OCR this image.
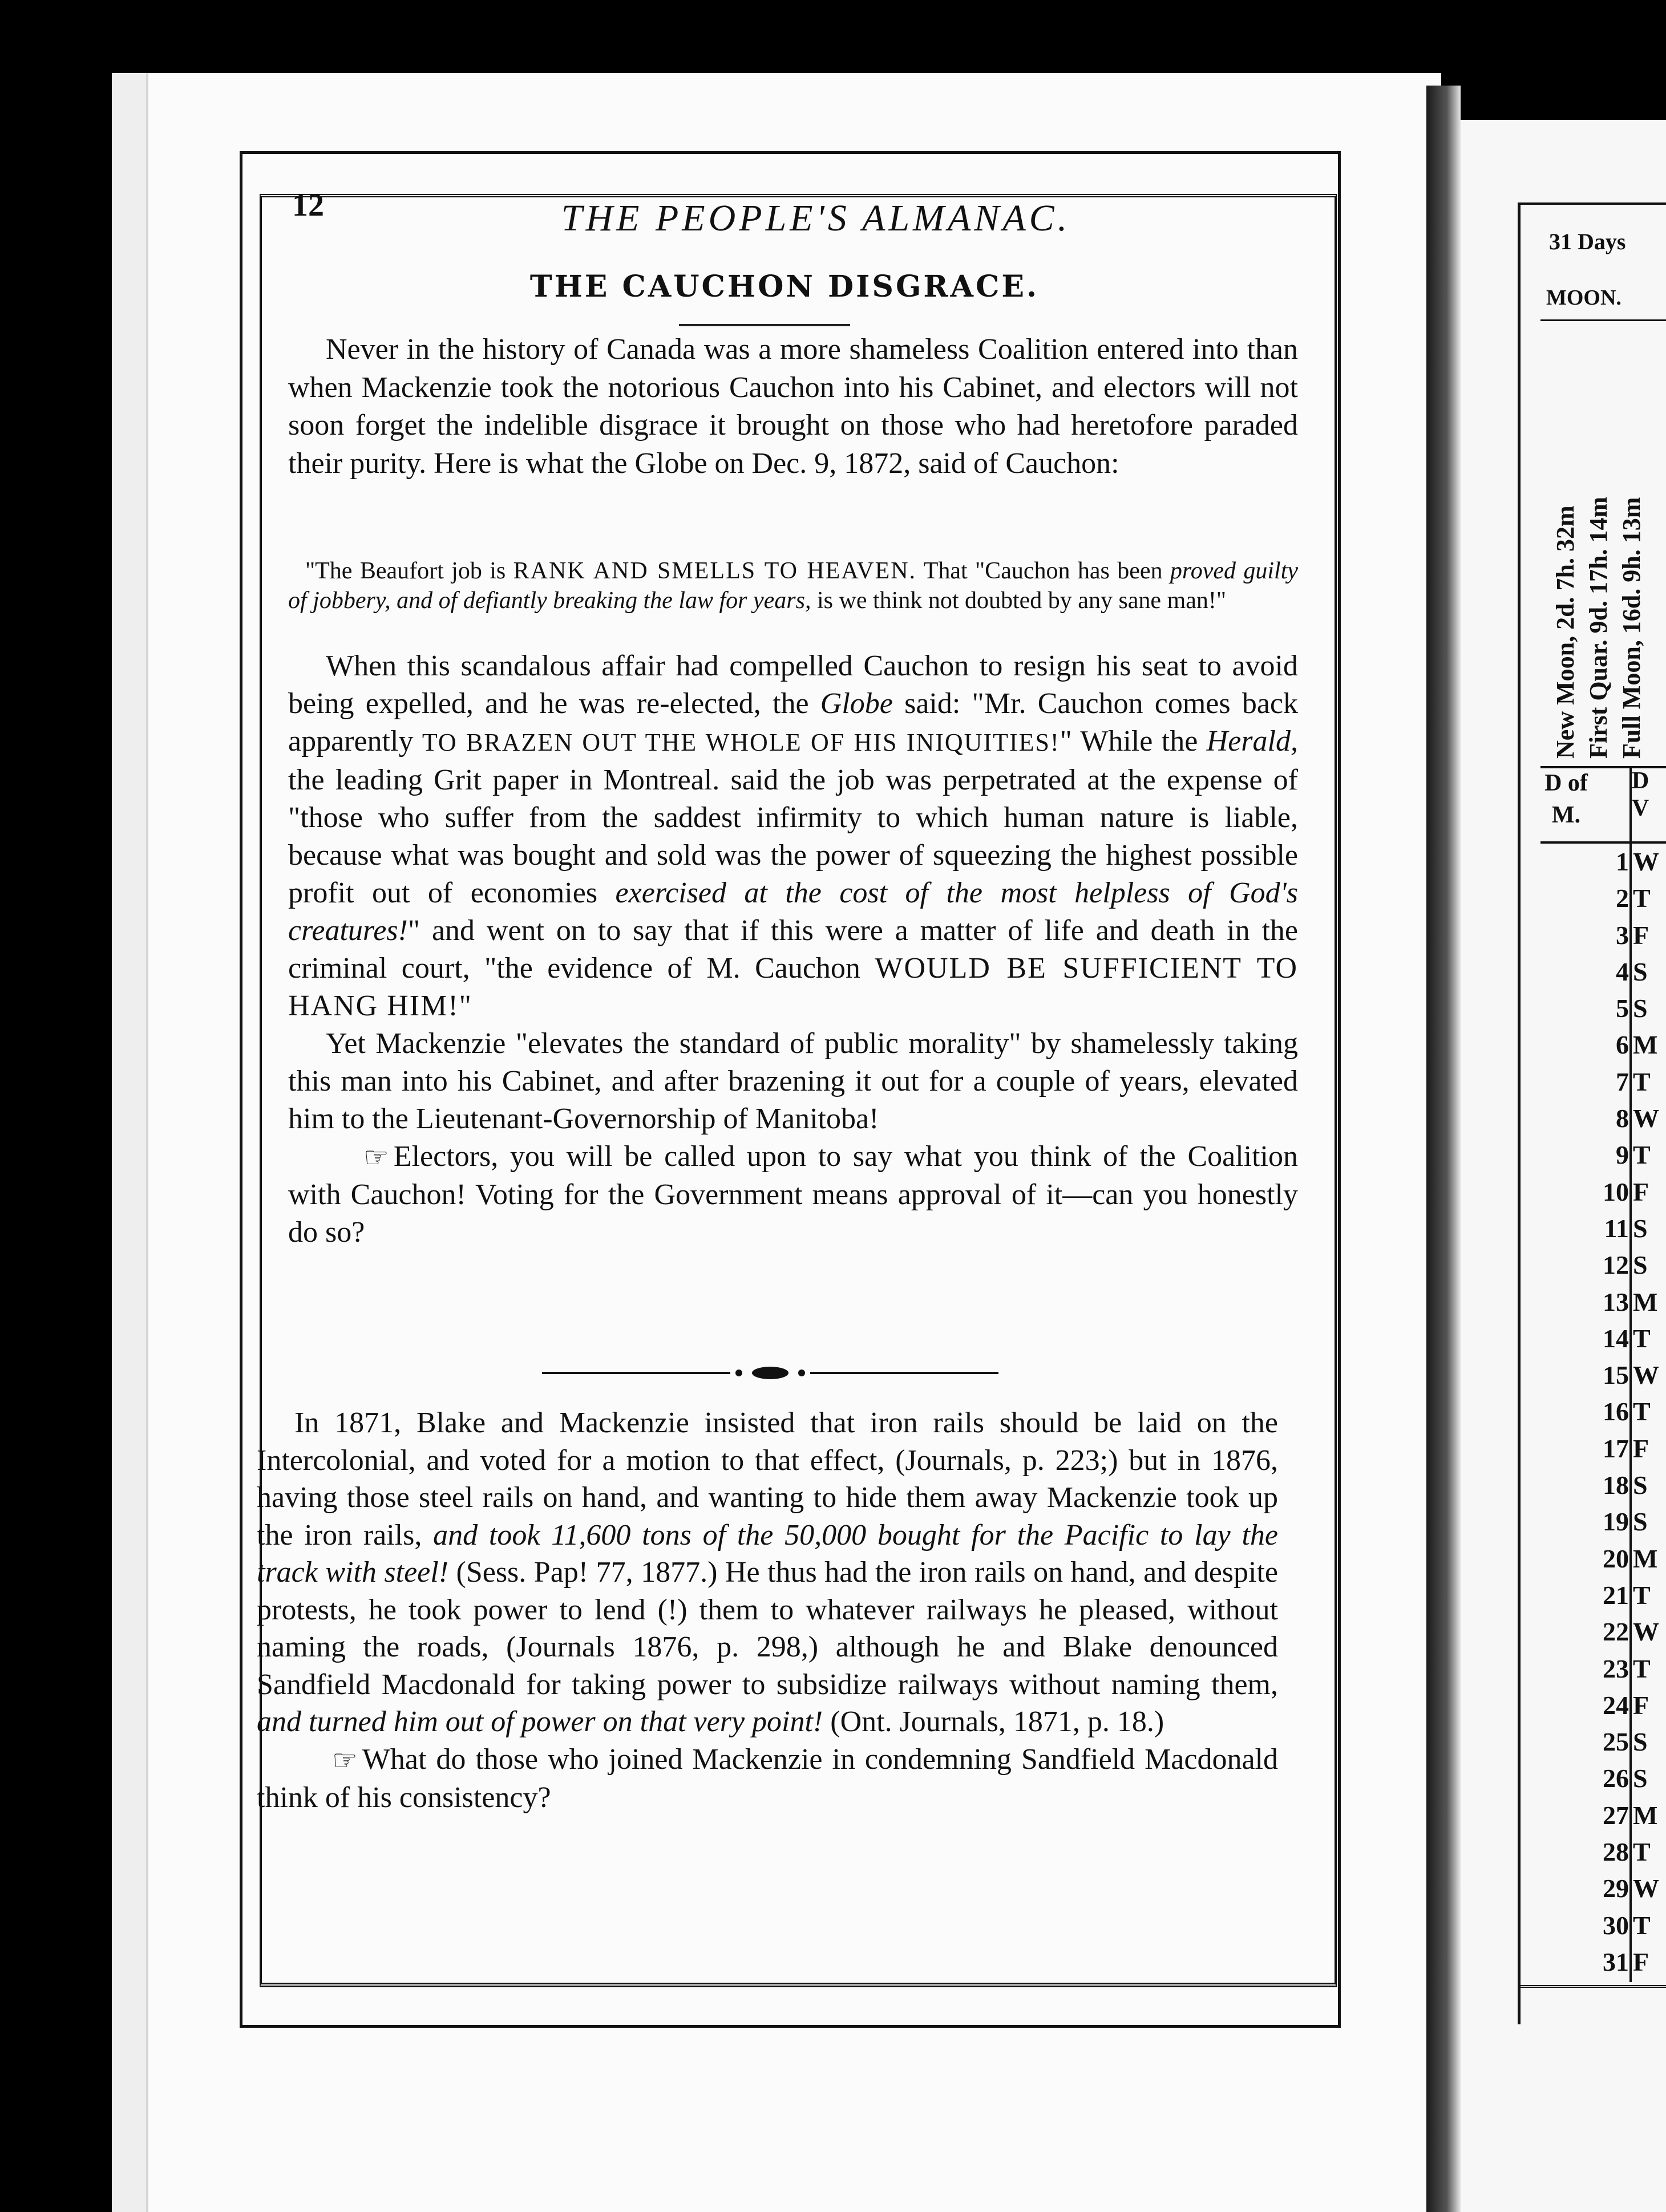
12	THE PEOPLE'S ALMANAC.
THE CAUCHON DISGRACE.

Never in the history of Canada was a more shameless Coalition entered into than when Mackenzie took the notorious Cauchon into his Cabinet, and electors will not soon forget the indelible disgrace it brought on those who had heretofore paraded their purity. Here is what the Globe on Dec. 9, 1872, said of Cauchon:

"The Beaufort job is RANK AND SMELLS TO HEAVEN. That "Cauchon has been proved guilty of jobbery, and of defiantly breaking the law for years, is we think not doubted by any sane man!"

When this scandalous affair had compelled Cauchon to resign his seat to avoid being expelled, and he was re-elected, the Globe said: "Mr. Cauchon comes back apparently TO BRAZEN OUT THE WHOLE OF HIS INIQUITIES!" While the Herald, the leading Grit paper in Montreal. said the job was perpetrated at the expense of "those who suffer from the saddest infirmity to which human nature is liable, because what was bought and sold was the power of squeezing the highest possible profit out of economies exercised at the cost of the most helpless of God's creatures!" and went on to say that if this were a matter of life and death in the criminal court, "the evidence of M. Cauchon WOULD BE SUFFICIENT TO HANG HIM!"

Yet Mackenzie "elevates the standard of public morality" by shamelessly taking this man into his Cabinet, and after brazening it out for a couple of years, elevated him to the Lieutenant-Governorship of Manitoba!

☞ Electors, you will be called upon to say what you think of the Coalition with Cauchon! Voting for the Government means approval of it—can you honestly do so?

In 1871, Blake and Mackenzie insisted that iron rails should be laid on the Intercolonial, and voted for a motion to that effect, (Journals, p. 223;) but in 1876, having those steel rails on hand, and wanting to hide them away Mackenzie took up the iron rails, and took 11,600 tons of the 50,000 bought for the Pacific to lay the track with steel! (Sess. Pap! 77, 1877.) He thus had the iron rails on hand, and despite protests, he took power to lend (!) them to whatever railways he pleased, without naming the roads, (Journals 1876, p. 298,) although he and Blake denounced Sandfield Macdonald for taking power to subsidize railways without naming them, and turned him out of power on that very point! (Ont. Journals, 1871, p. 18.)

☞ What do those who joined Mackenzie in condemning Sandfield Macdonald think of his consistency?

31 Days
MOON.
New Moon, 2d. 7h. 32m First Quar. 9d. 17h. 14m Full Moon, 16d. 9h. 13m
D of
M.
D
V
1 W
2 T
3 F
4 S
5 S
6 M
7 T
8 W
9 T
10 F
11 S
12 S
13 M
14 T
15 W
16 T
17 F
18 S
19 S
20 M
21 T
22 W
23 T
24 F
25 S
26 S
27 M
28 T
29 W
30 T
31 F
